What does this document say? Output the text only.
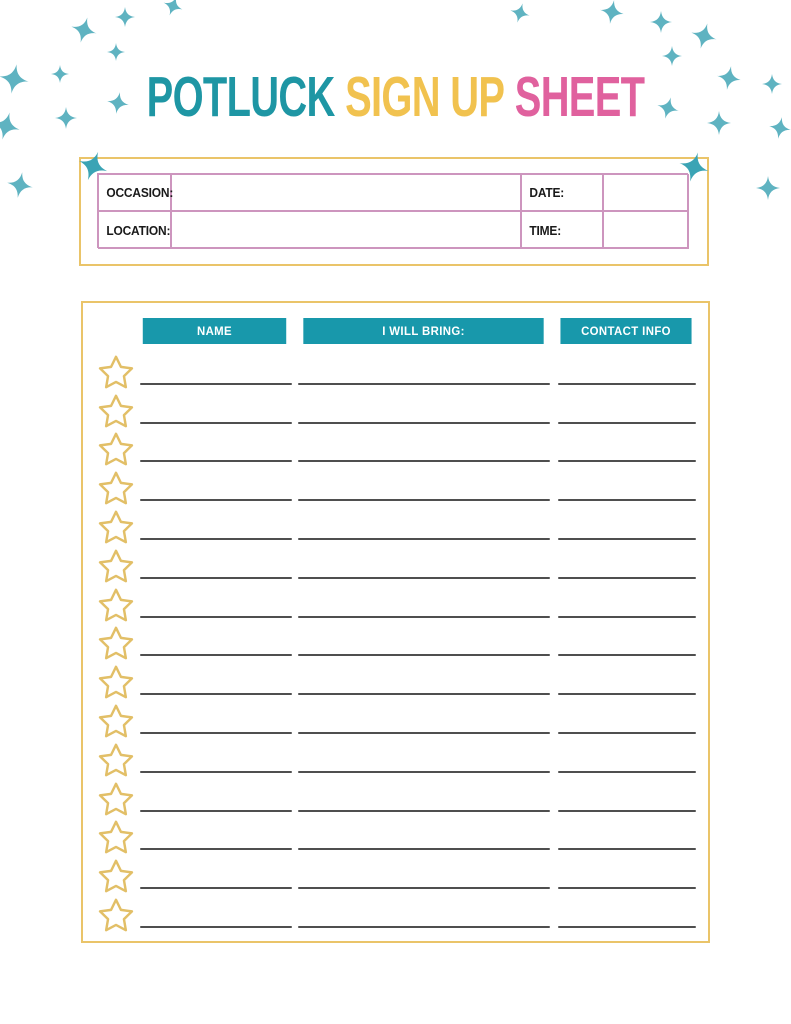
POTLUCK SIGN UP SHEET
OCCASION:	DATE:
LOCATION:	TIME:
NAME	I WILL BRING:	CONTACT INFO
